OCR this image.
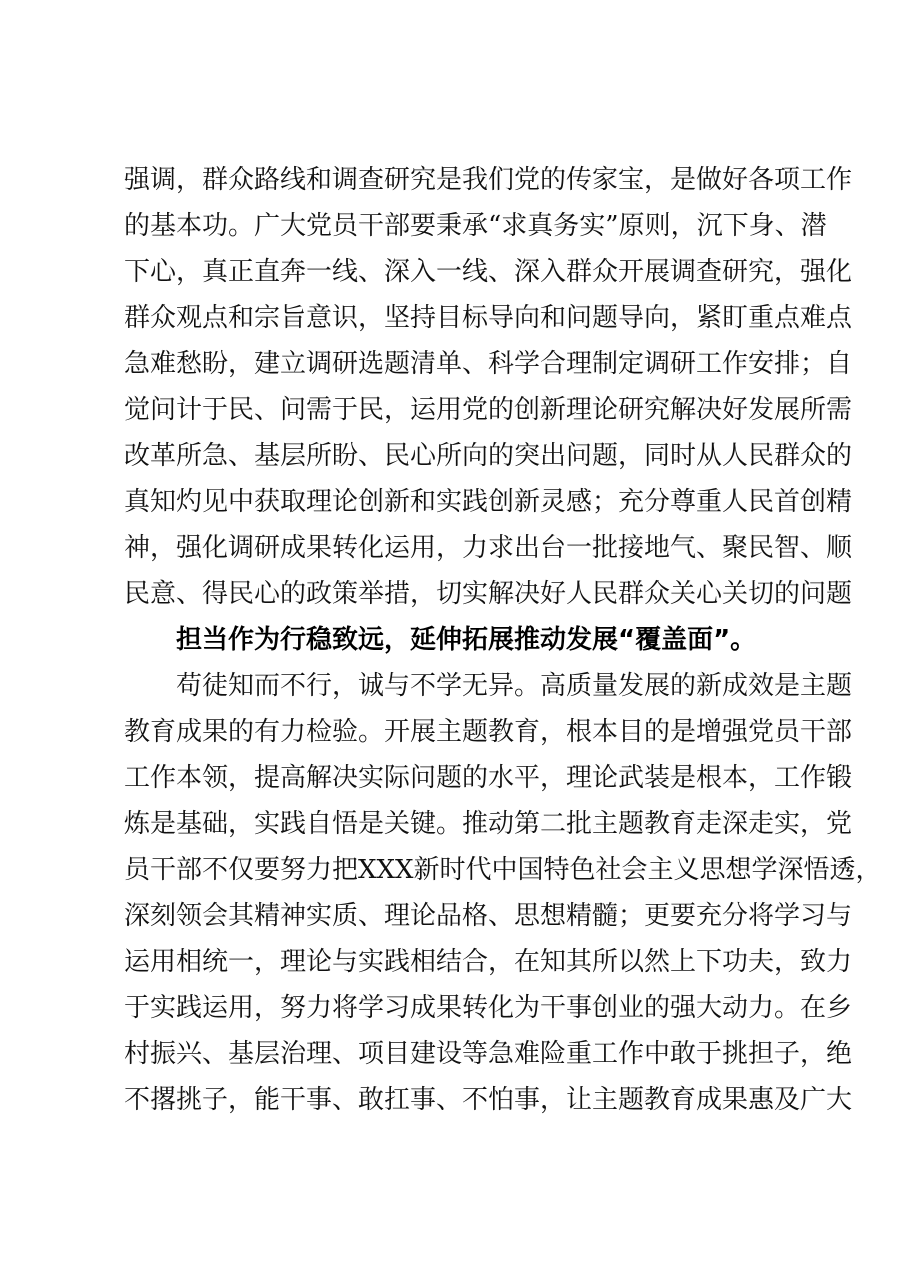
强调，群众路线和调查研究是我们党的传家宝，是做好各项工作
的基本功。广大党员干部要秉承“求真务实”原则，沉下身、潜
下心，真正直奔一线、深入一线、深入群众开展调查研究，强化
群众观点和宗旨意识，坚持目标导向和问题导向，紧盯重点难点
急难愁盼，建立调研选题清单、科学合理制定调研工作安排；自
觉问计于民、问需于民，运用党的创新理论研究解决好发展所需
改革所急、基层所盼、民心所向的突出问题，同时从人民群众的
真知灼见中获取理论创新和实践创新灵感；充分尊重人民首创精
神，强化调研成果转化运用，力求出台一批接地气、聚民智、顺
民意、得民心的政策举措，切实解决好人民群众关心关切的问题
担当作为行稳致远，延伸拓展推动发展“覆盖面”。
苟徒知而不行，诚与不学无异。高质量发展的新成效是主题
教育成果的有力检验。开展主题教育，根本目的是增强党员干部
工作本领，提高解决实际问题的水平，理论武装是根本，工作锻
炼是基础，实践自悟是关键。推动第二批主题教育走深走实，党
员干部不仅要努力把XXX新时代中国特色社会主义思想学深悟透，
深刻领会其精神实质、理论品格、思想精髓；更要充分将学习与
运用相统一，理论与实践相结合，在知其所以然上下功夫，致力
于实践运用，努力将学习成果转化为干事创业的强大动力。在乡
村振兴、基层治理、项目建设等急难险重工作中敢于挑担子，绝
不撂挑子，能干事、敢扛事、不怕事，让主题教育成果惠及广大
